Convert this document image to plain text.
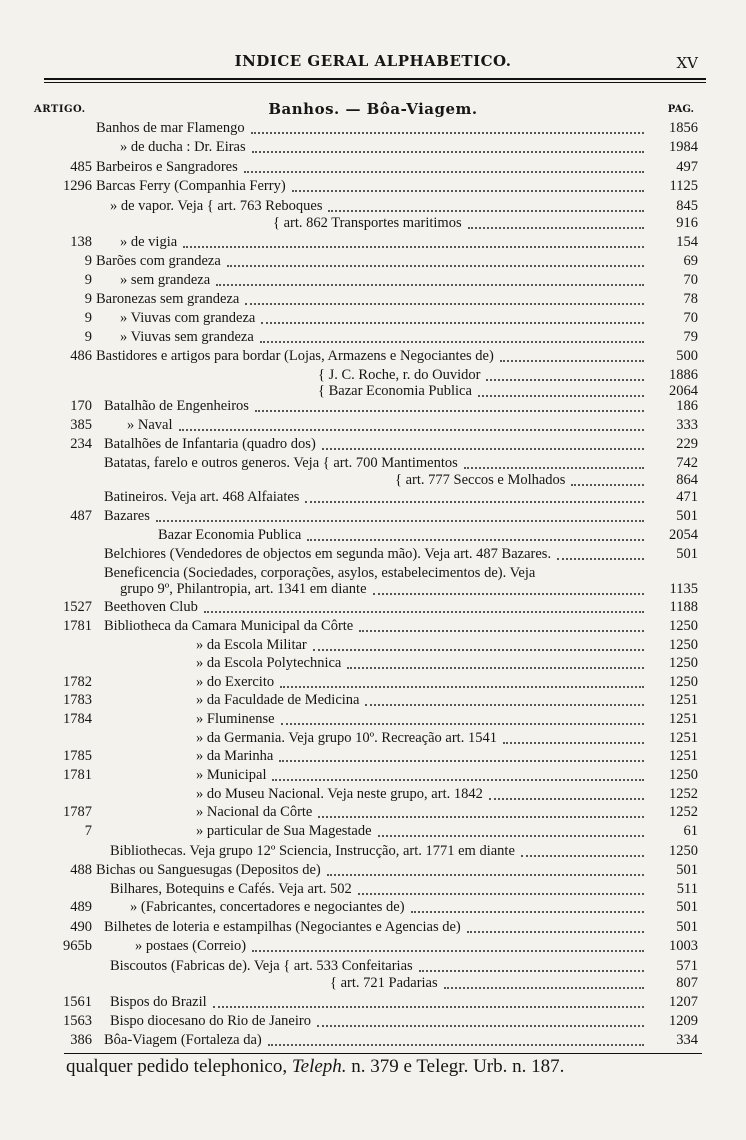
INDICE GERAL ALPHABETICO.	XV
ARTIGO.	Banhos. — Bôa-Viagem.	PAG.
Banhos de mar Flamengo	1856
» de ducha : Dr. Eiras	1984
485 Barbeiros e Sangradores	497
1296 Barcas Ferry (Companhia Ferry)	1125
» de vapor. Veja { art. 763 Reboques	845
{ art. 862 Transportes maritimos	916
138 » de vigia	154
9 Barões com grandeza	69
9 » sem grandeza	70
9 Baronezas sem grandeza	78
9 » Viuvas com grandeza	70
9 » Viuvas sem grandeza	79
486 Bastidores e artigos para bordar (Lojas, Armazens e Negociantes de)	500
{ J. C. Roche, r. do Ouvidor	1886
{ Bazar Economia Publica	2064
170 Batalhão de Engenheiros	186
385 » Naval	333
234 Batalhões de Infantaria (quadro dos)	229
Batatas, farelo e outros generos. Veja { art. 700 Mantimentos	742
{ art. 777 Seccos e Molhados	864
Batineiros. Veja art. 468 Alfaiates	471
487 Bazares	501
Bazar Economia Publica	2054
Belchiores (Vendedores de objectos em segunda mão). Veja art. 487 Bazares.	501
Beneficencia (Sociedades, corporações, asylos, estabelecimentos de). Veja
grupo 9º, Philantropia, art. 1341 em diante	1135
1527 Beethoven Club	1188
1781 Bibliotheca da Camara Municipal da Côrte	1250
» da Escola Militar	1250
» da Escola Polytechnica	1250
1782	» do Exercito	1250
1783	» da Faculdade de Medicina	1251
1784	» Fluminense	1251
» da Germania. Veja grupo 10º. Recreação art. 1541	1251
1785	» da Marinha	1251
1781	» Municipal	1250
» do Museu Nacional. Veja neste grupo, art. 1842	1252
1787	» Nacional da Côrte	1252
7	» particular de Sua Magestade	61
Bibliothecas. Veja grupo 12º Sciencia, Instrucção, art. 1771 em diante	1250
488 Bichas ou Sanguesugas (Depositos de)	501
Bilhares, Botequins e Cafés. Veja art. 502	511
489	» (Fabricantes, concertadores e negociantes de)	501
490 Bilhetes de loteria e estampilhas (Negociantes e Agencias de)	501
965b	» postaes (Correio)	1003
Biscoutos (Fabricas de). Veja { art. 533 Confeitarias	571
{ art. 721 Padarias	807
1561 Bispos do Brazil	1207
1563 Bispo diocesano do Rio de Janeiro	1209
386 Bôa-Viagem (Fortaleza da)	334
qualquer pedido telephonico, Teleph. n. 379 e Telegr. Urb. n. 187.
